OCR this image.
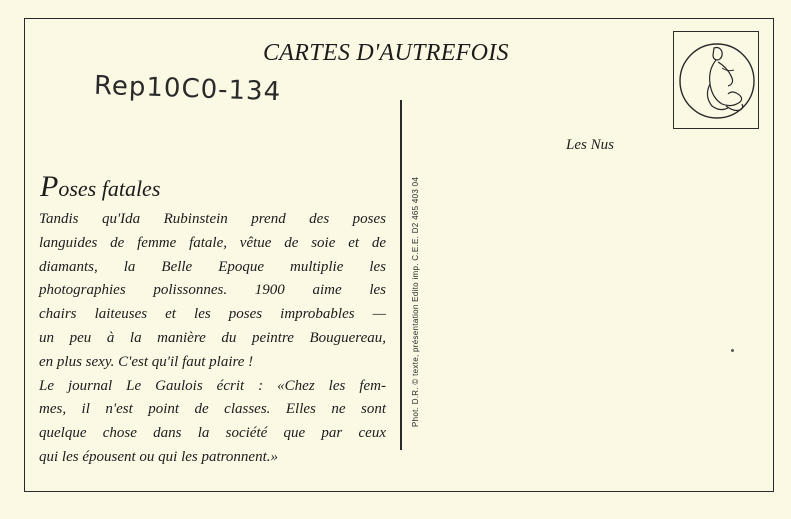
CARTES D'AUTREFOIS
Rep10C0-134
Les Nus
Phot. D.R. © texte, présentation Edito imp. C.E.E. D2 465 403 04
Poses fatales
Tandis qu'Ida Rubinstein prend des poses
languides de femme fatale, vêtue de soie et de
diamants, la Belle Epoque multiplie les
photographies polissonnes. 1900 aime les
chairs laiteuses et les poses improbables —
un peu à la manière du peintre Bouguereau,
en plus sexy. C'est qu'il faut plaire !
Le journal Le Gaulois écrit : «Chez les fem-
mes, il n'est point de classes. Elles ne sont
quelque chose dans la société que par ceux
qui les épousent ou qui les patronnent.»
